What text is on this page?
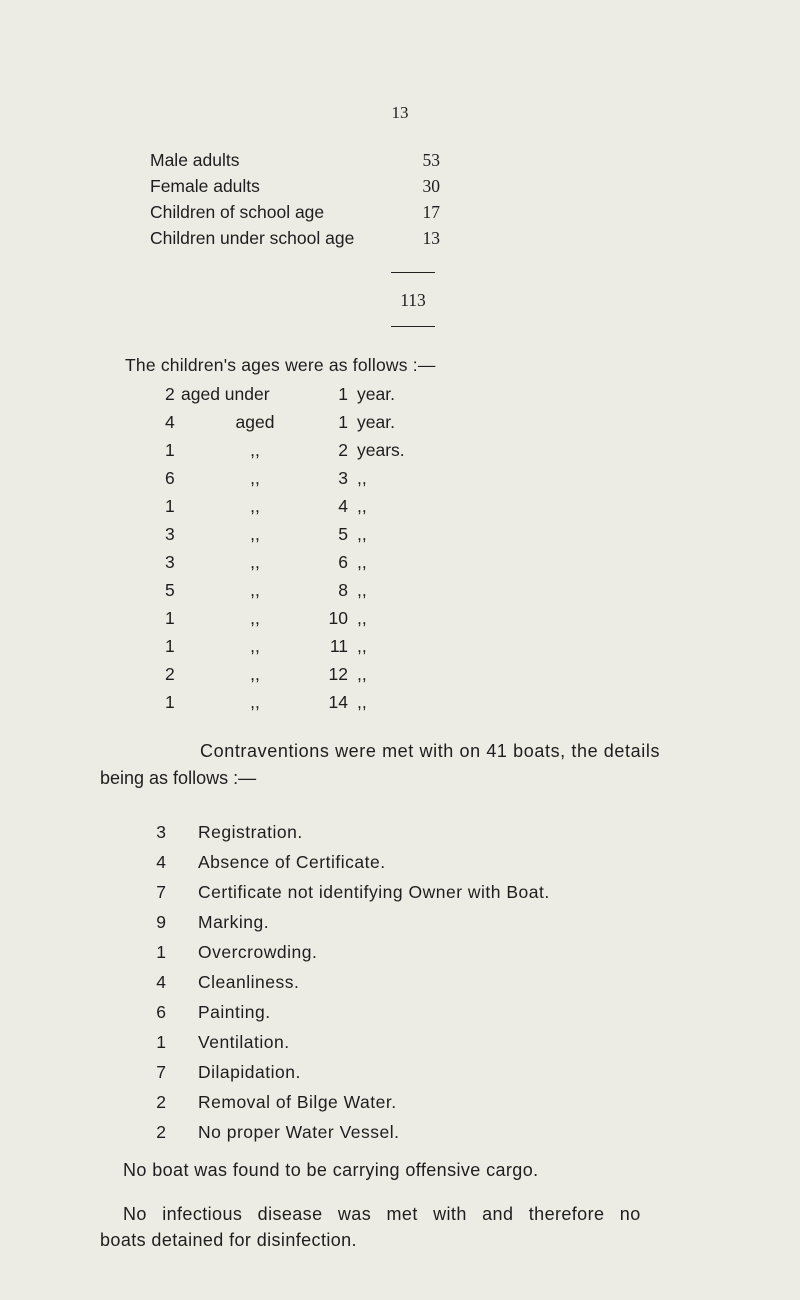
13
Male adults	53
Female adults	30
Children of school age	17
Children under school age	13
113
The children's ages were as follows :—
2 aged under	1 year.
4	aged	1 year.
1	,,	2 years.
6	,,	3 ,,
1	,,	4 ,,
3	,,	5 ,,
3	,,	6 ,,
5	,,	8 ,,
1	,,	10 ,,
1	,,	11 ,,
2	,,	12 ,,
1	,,	14 ,,
Contraventions were met with on 41 boats, the details
being as follows :—
3 Registration.
4 Absence of Certificate.
7 Certificate not identifying Owner with Boat.
9 Marking.
1 Overcrowding.
4 Cleanliness.
6 Painting.
1 Ventilation.
7 Dilapidation.
2 Removal of Bilge Water.
2 No proper Water Vessel.
No boat was found to be carrying offensive cargo.
No infectious disease was met with and therefore no
boats detained for disinfection.
